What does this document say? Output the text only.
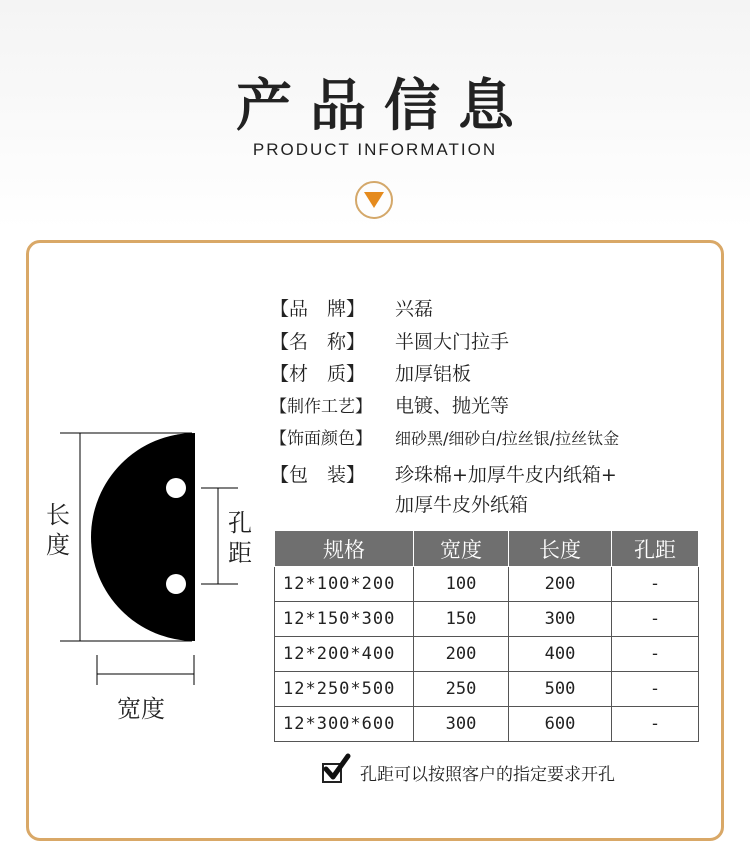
产品信息
PRODUCT INFORMATION
长度
孔距
宽度
【品　牌】 兴磊
【名　称】 半圆大门拉手
【材　质】 加厚铝板
【制作工艺】 电镀、抛光等
【饰面颜色】 细砂黑/细砂白/拉丝银/拉丝钛金
【包　装】 珍珠棉+加厚牛皮内纸箱+
加厚牛皮外纸箱
规格	宽度	长度	孔距
12*100*200	100	200	-
12*150*300	150	300	-
12*200*400	200	400	-
12*250*500	250	500	-
12*300*600	300	600	-
孔距可以按照客户的指定要求开孔
